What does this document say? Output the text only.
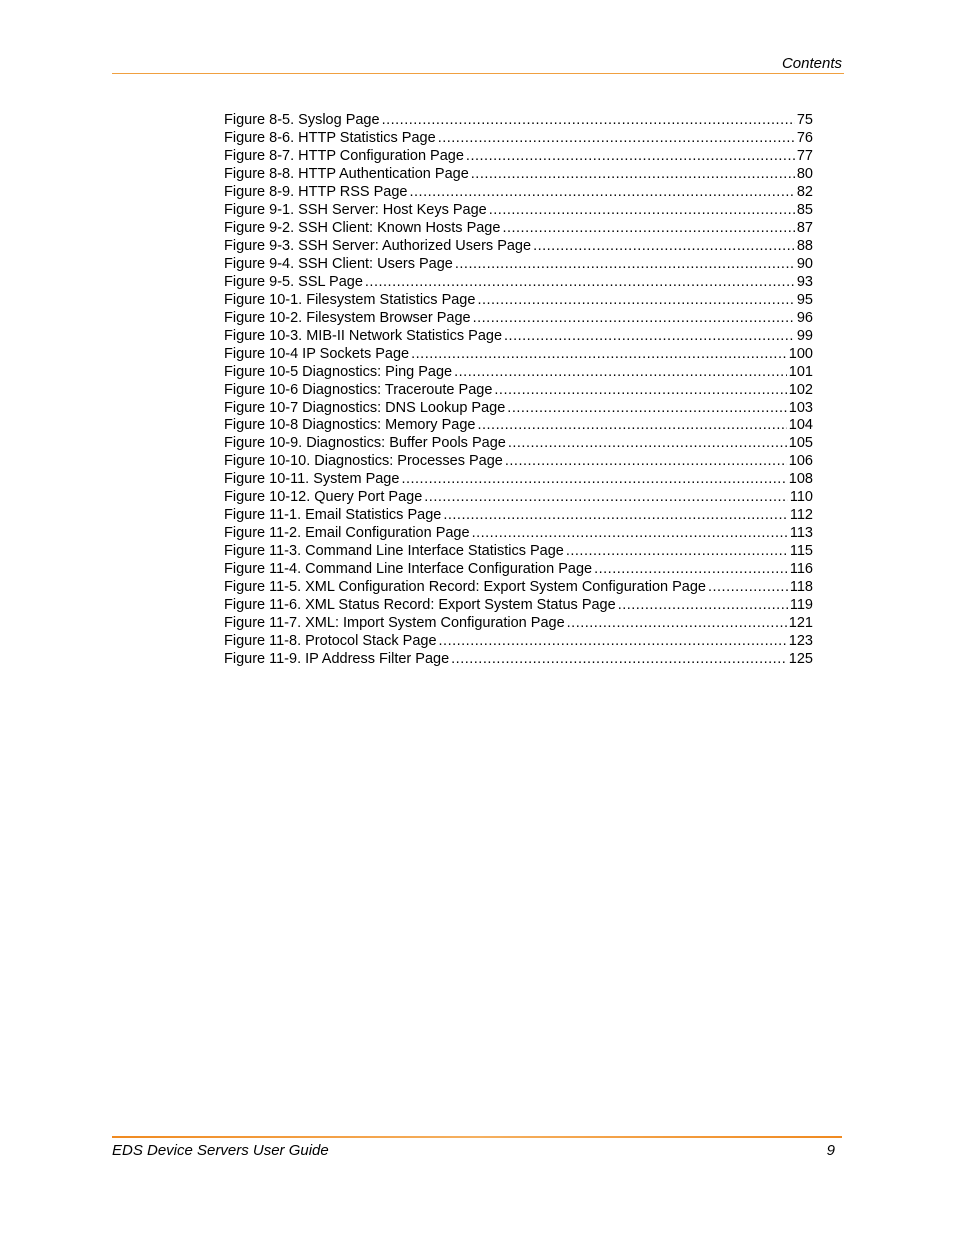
Contents
Figure 8-5. Syslog Page .....	75
Figure 8-6. HTTP Statistics Page .....	76
Figure 8-7. HTTP Configuration Page .....	77
Figure 8-8. HTTP Authentication Page .....	80
Figure 8-9. HTTP RSS Page .....	82
Figure 9-1. SSH Server: Host Keys Page .....	85
Figure 9-2. SSH Client: Known Hosts Page .....	87
Figure 9-3. SSH Server: Authorized Users Page .....	88
Figure 9-4. SSH Client: Users Page .....	90
Figure 9-5. SSL Page .....	93
Figure 10-1. Filesystem Statistics Page .....	95
Figure 10-2. Filesystem Browser Page .....	96
Figure 10-3. MIB-II Network Statistics Page .....	99
Figure 10-4 IP Sockets Page .....	100
Figure 10-5 Diagnostics: Ping Page .....	101
Figure 10-6 Diagnostics: Traceroute Page .....	102
Figure 10-7 Diagnostics: DNS Lookup Page .....	103
Figure 10-8 Diagnostics: Memory Page .....	104
Figure 10-9. Diagnostics: Buffer Pools Page .....	105
Figure 10-10. Diagnostics: Processes Page .....	106
Figure 10-11. System Page .....	108
Figure 10-12. Query Port Page .....	110
Figure 11-1. Email Statistics Page .....	112
Figure 11-2. Email Configuration Page .....	113
Figure 11-3. Command Line Interface Statistics Page .....	115
Figure 11-4. Command Line Interface Configuration Page .....	116
Figure 11-5. XML Configuration Record: Export System Configuration Page .....	118
Figure 11-6. XML Status Record: Export System Status Page .....	119
Figure 11-7. XML: Import System Configuration Page .....	121
Figure 11-8. Protocol Stack Page .....	123
Figure 11-9. IP Address Filter Page .....	125
EDS Device Servers User Guide	9
